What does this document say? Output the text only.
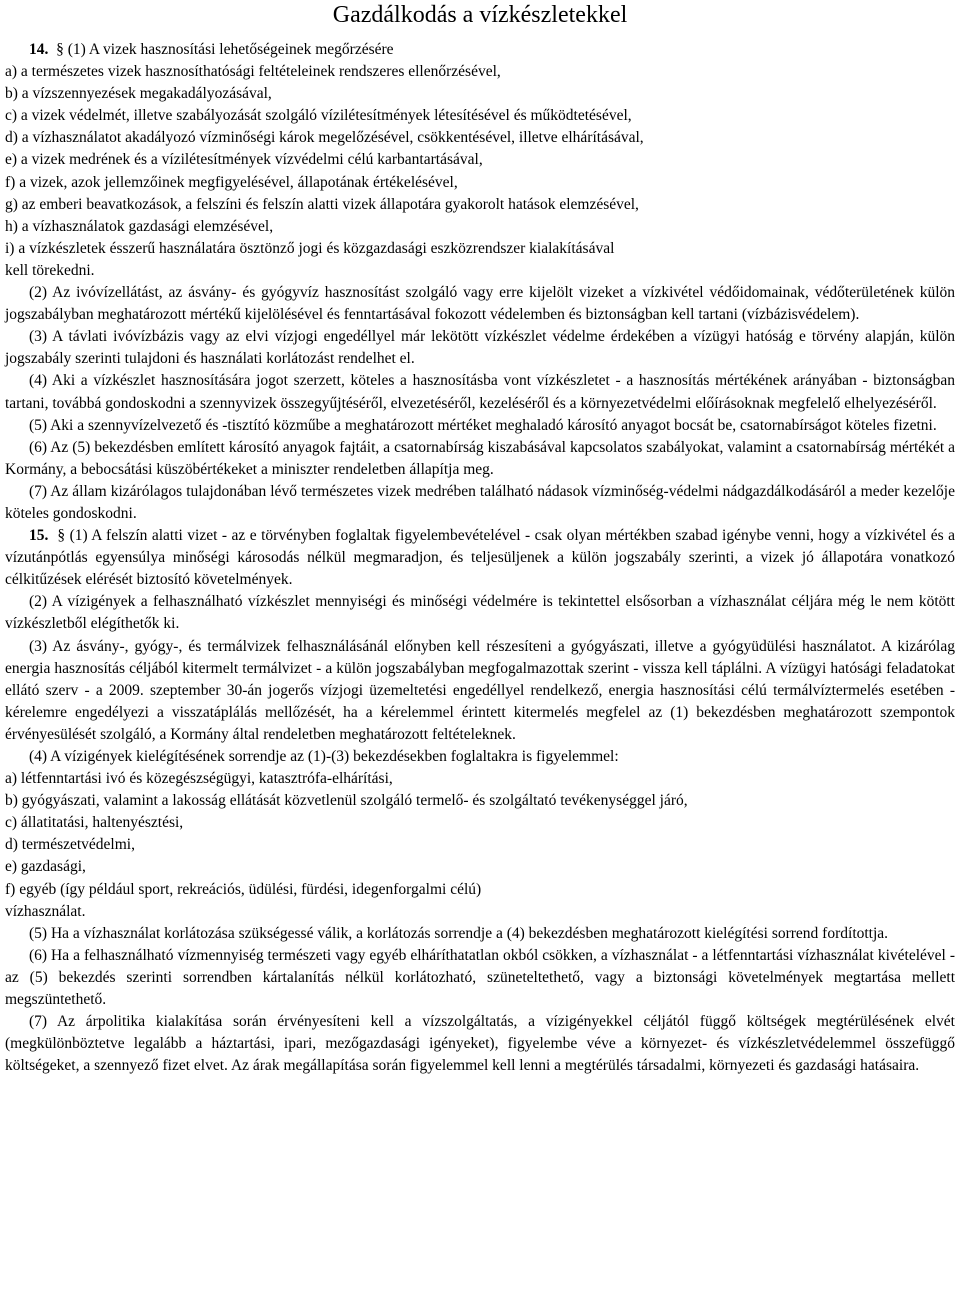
Gazdálkodás a vízkészletekkel

14. § (1) A vizek hasznosítási lehetőségeinek megőrzésére

a) a természetes vizek hasznosíthatósági feltételeinek rendszeres ellenőrzésével,

b) a vízszennyezések megakadályozásával,

c) a vizek védelmét, illetve szabályozását szolgáló vízilétesítmények létesítésével és működtetésével,

d) a vízhasználatot akadályozó vízminőségi károk megelőzésével, csökkentésével, illetve elhárításával,

e) a vizek medrének és a vízilétesítmények vízvédelmi célú karbantartásával,

f) a vizek, azok jellemzőinek megfigyelésével, állapotának értékelésével,

g) az emberi beavatkozások, a felszíni és felszín alatti vizek állapotára gyakorolt hatások elemzésével,

h) a vízhasználatok gazdasági elemzésével,

i) a vízkészletek ésszerű használatára ösztönző jogi és közgazdasági eszközrendszer kialakításával

kell törekedni.

(2) Az ivóvízellátást, az ásvány- és gyógyvíz hasznosítást szolgáló vagy erre kijelölt vizeket a vízkivétel védőidomainak, védőterületének külön jogszabályban meghatározott mértékű kijelölésével és fenntartásával fokozott védelemben és biztonságban kell tartani (vízbázisvédelem).

(3) A távlati ivóvízbázis vagy az elvi vízjogi engedéllyel már lekötött vízkészlet védelme érdekében a vízügyi hatóság e törvény alapján, külön jogszabály szerinti tulajdoni és használati korlátozást rendelhet el.

(4) Aki a vízkészlet hasznosítására jogot szerzett, köteles a hasznosításba vont vízkészletet - a hasznosítás mértékének arányában - biztonságban tartani, továbbá gondoskodni a szennyvizek összegyűjtéséről, elvezetéséről, kezeléséről és a környezetvédelmi előírásoknak megfelelő elhelyezéséről.

(5) Aki a szennyvízelvezető és -tisztító közműbe a meghatározott mértéket meghaladó károsító anyagot bocsát be, csatornabírságot köteles fizetni.

(6) Az (5) bekezdésben említett károsító anyagok fajtáit, a csatornabírság kiszabásával kapcsolatos szabályokat, valamint a csatornabírság mértékét a Kormány, a bebocsátási küszöbértékeket a miniszter rendeletben állapítja meg.

(7) Az állam kizárólagos tulajdonában lévő természetes vizek medrében található nádasok vízminőség-védelmi nádgazdálkodásáról a meder kezelője köteles gondoskodni.

15. § (1) A felszín alatti vizet - az e törvényben foglaltak figyelembevételével - csak olyan mértékben szabad igénybe venni, hogy a vízkivétel és a vízutánpótlás egyensúlya minőségi károsodás nélkül megmaradjon, és teljesüljenek a külön jogszabály szerinti, a vizek jó állapotára vonatkozó célkitűzések elérését biztosító követelmények.

(2) A vízigények a felhasználható vízkészlet mennyiségi és minőségi védelmére is tekintettel elsősorban a vízhasználat céljára még le nem kötött vízkészletből elégíthetők ki.

(3) Az ásvány-, gyógy-, és termálvizek felhasználásánál előnyben kell részesíteni a gyógyászati, illetve a gyógyüdülési használatot. A kizárólag energia hasznosítás céljából kitermelt termálvizet - a külön jogszabályban megfogalmazottak szerint - vissza kell táplálni. A vízügyi hatósági feladatokat ellátó szerv - a 2009. szeptember 30-án jogerős vízjogi üzemeltetési engedéllyel rendelkező, energia hasznosítási célú termálvíztermelés esetében - kérelemre engedélyezi a visszatáplálás mellőzését, ha a kérelemmel érintett kitermelés megfelel az (1) bekezdésben meghatározott szempontok érvényesülését szolgáló, a Kormány által rendeletben meghatározott feltételeknek.

(4) A vízigények kielégítésének sorrendje az (1)-(3) bekezdésekben foglaltakra is figyelemmel:

a) létfenntartási ivó és közegészségügyi, katasztrófa-elhárítási,

b) gyógyászati, valamint a lakosság ellátását közvetlenül szolgáló termelő- és szolgáltató tevékenységgel járó,

c) állatitatási, haltenyésztési,

d) természetvédelmi,

e) gazdasági,

f) egyéb (így például sport, rekreációs, üdülési, fürdési, idegenforgalmi célú)

vízhasználat.

(5) Ha a vízhasználat korlátozása szükségessé válik, a korlátozás sorrendje a (4) bekezdésben meghatározott kielégítési sorrend fordítottja.

(6) Ha a felhasználható vízmennyiség természeti vagy egyéb elháríthatatlan okból csökken, a vízhasználat - a létfenntartási vízhasználat kivételével - az (5) bekezdés szerinti sorrendben kártalanítás nélkül korlátozható, szüneteltethető, vagy a biztonsági követelmények megtartása mellett megszüntethető.

(7) Az árpolitika kialakítása során érvényesíteni kell a vízszolgáltatás, a vízigényekkel céljától függő költségek megtérülésének elvét (megkülönböztetve legalább a háztartási, ipari, mezőgazdasági igényeket), figyelembe véve a környezet- és vízkészletvédelemmel összefüggő költségeket, a szennyező fizet elvet. Az árak megállapítása során figyelemmel kell lenni a megtérülés társadalmi, környezeti és gazdasági hatásaira.
